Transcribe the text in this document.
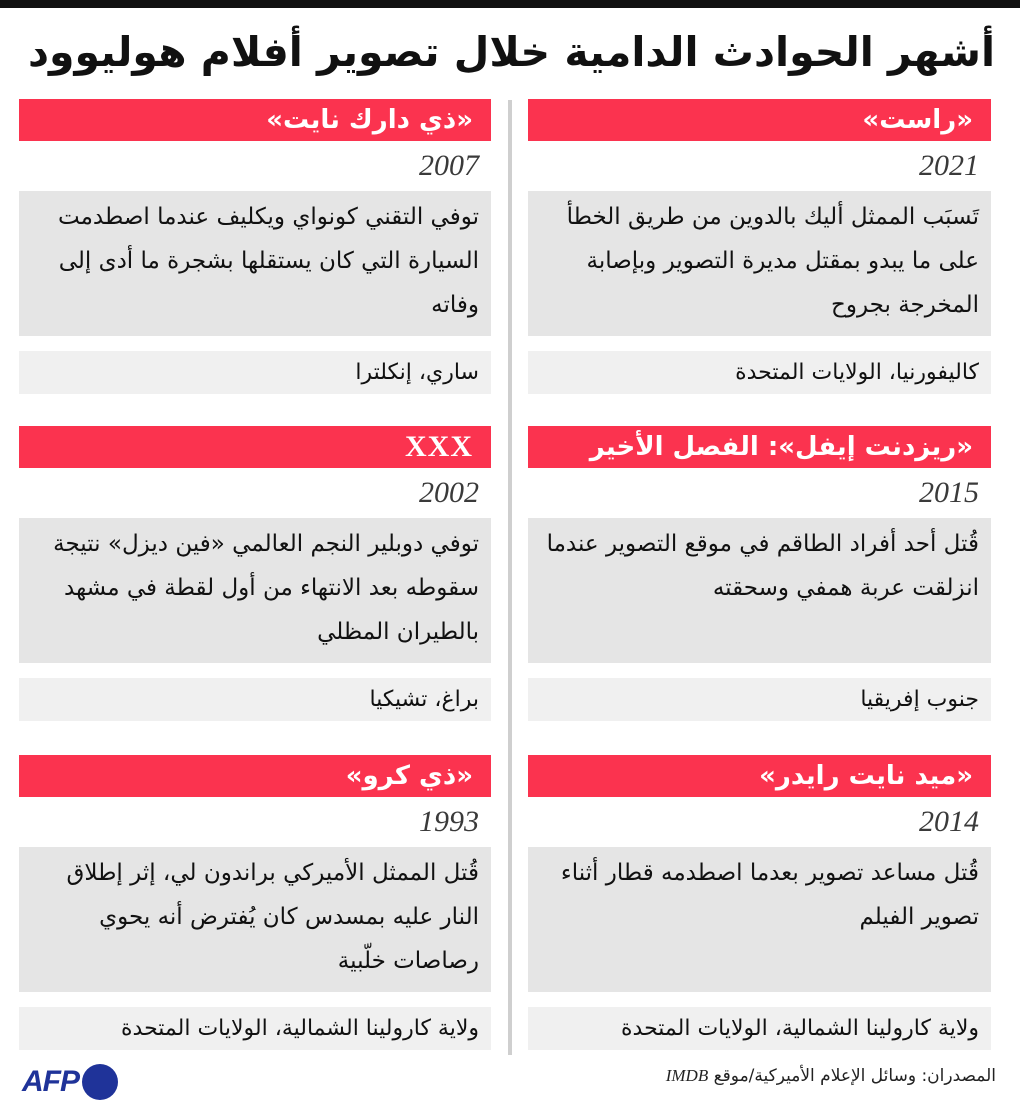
أشهر الحوادث الدامية خلال تصوير أفلام هوليوود
«راست»
2021
تَسبَب الممثل أليك بالدوين من طريق الخطأ على ما يبدو بمقتل مديرة التصوير وبإصابة المخرجة بجروح
كاليفورنيا، الولايات المتحدة
«ريزدنت إيفل»: الفصل الأخير
2015
قُتل أحد أفراد الطاقم في موقع التصوير عندما انزلقت عربة همفي وسحقته
جنوب إفريقيا
«ميد نايت رايدر»
2014
قُتل مساعد تصوير بعدما اصطدمه قطار أثناء تصوير الفيلم
ولاية كارولينا الشمالية، الولايات المتحدة
«ذي دارك نايت»
2007
توفي التقني كونواي ويكليف عندما اصطدمت السيارة التي كان يستقلها بشجرة ما أدى إلى وفاته
ساري، إنكلترا
XXX
2002
توفي دوبلير النجم العالمي «فين ديزل» نتيجة سقوطه بعد الانتهاء من أول لقطة في مشهد بالطيران المظلي
براغ، تشيكيا
«ذي كرو»
1993
قُتل الممثل الأميركي براندون لي، إثر إطلاق النار عليه بمسدس كان يُفترض أنه يحوي رصاصات خلّبية
ولاية كارولينا الشمالية، الولايات المتحدة
المصدران: وسائل الإعلام الأميركية/موقع IMDB
AFP
